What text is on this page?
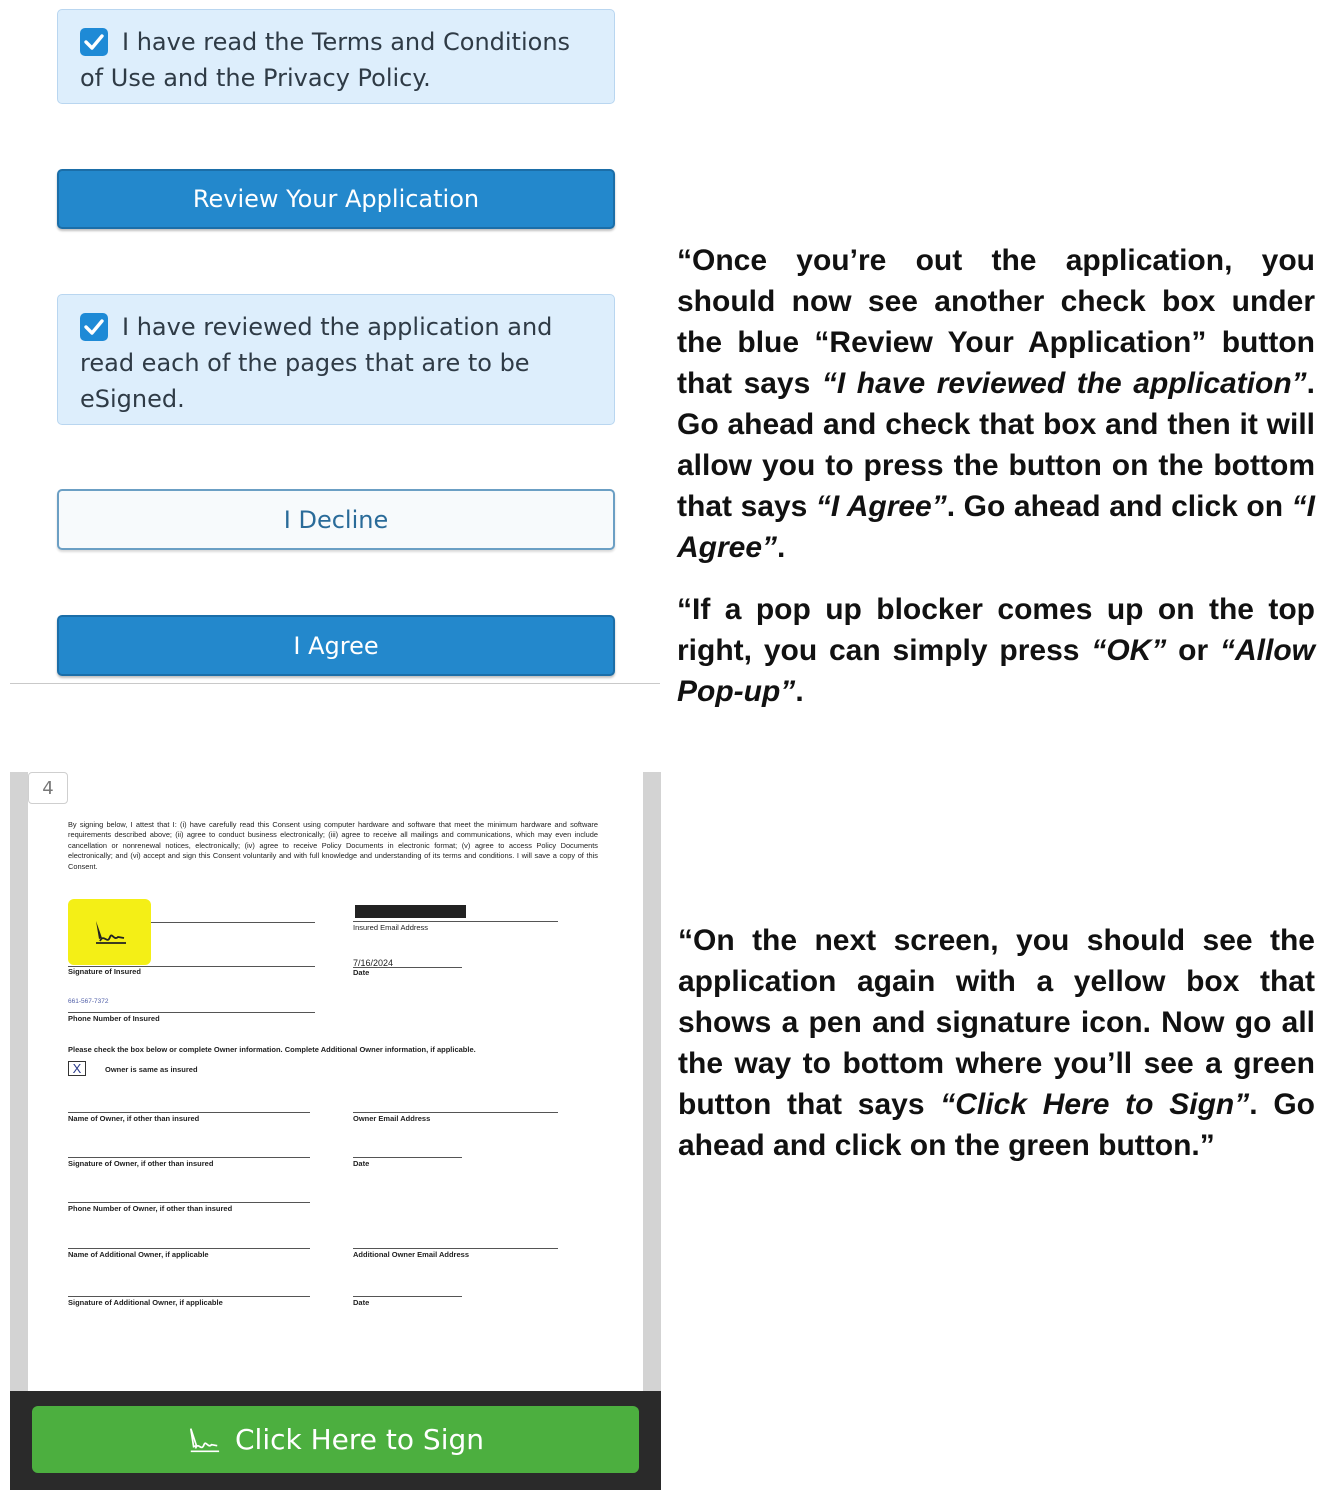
I have read the Terms and Conditions of Use and the Privacy Policy.
Review Your Application
I have reviewed the application and read each of the pages that are to be eSigned.
I Decline
I Agree

“Once you’re out the application, you should now see another check box under the blue “Review Your Application” button that says “I have reviewed the application”. Go ahead and check that box and then it will allow you to press the button on the bottom that says “I Agree”. Go ahead and click on “I Agree”.

“If a pop up blocker comes up on the top right, you can simply press “OK” or “Allow Pop-up”.

“On the next screen, you should see the application again with a yellow box that shows a pen and signature icon. Now go all the way to bottom where you’ll see a green button that says “Click Here to Sign”. Go ahead and click on the green button.”

4
By signing below, I attest that I: (i) have carefully read this Consent using computer hardware and software that meet the minimum hardware and software requirements described above; (ii) agree to conduct business electronically; (iii) agree to receive all mailings and communications, which may even include cancellation or nonrenewal notices, electronically; (iv) agree to receive Policy Documents in electronic format; (v) agree to access Policy Documents electronically; and (vi) accept and sign this Consent voluntarily and with full knowledge and understanding of its terms and conditions. I will save a copy of this Consent.
Signature of Insured
Insured Email Address
7/16/2024
Date
661-567-7372
Phone Number of Insured
Please check the box below or complete Owner information. Complete Additional Owner information, if applicable.
X	Owner is same as insured
Name of Owner, if other than insured	Owner Email Address
Signature of Owner, if other than insured	Date
Phone Number of Owner, if other than insured
Name of Additional Owner, if applicable	Additional Owner Email Address
Signature of Additional Owner, if applicable	Date
Click Here to Sign
